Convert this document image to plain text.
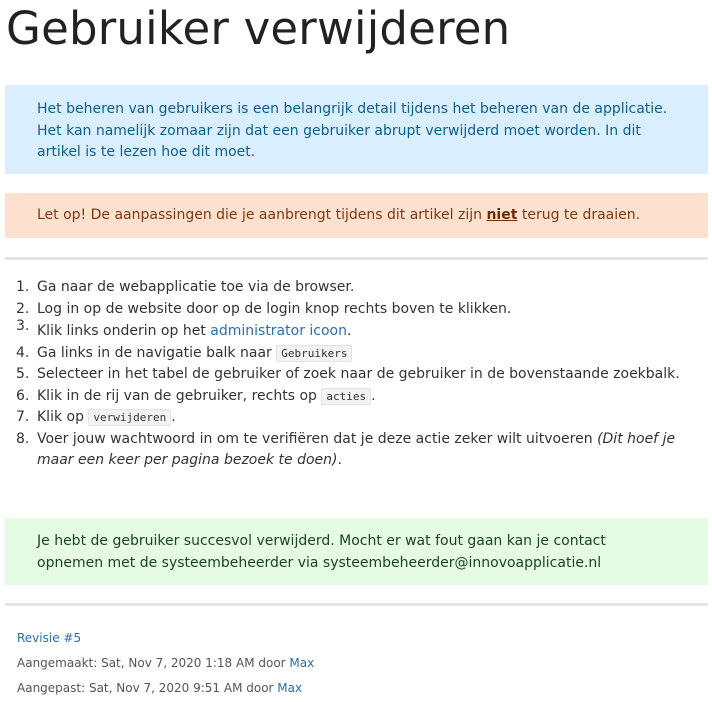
Gebruiker verwijderen
Het beheren van gebruikers is een belangrijk detail tijdens het beheren van de applicatie. Het kan namelijk zomaar zijn dat een gebruiker abrupt verwijderd moet worden. In dit artikel is te lezen hoe dit moet.
Let op! De aanpassingen die je aanbrengt tijdens dit artikel zijn niet terug te draaien.
1. Ga naar de webapplicatie toe via de browser.
2. Log in op de website door op de login knop rechts boven te klikken.
3. Klik links onderin op het administrator icoon.
4. Ga links in de navigatie balk naar Gebruikers
5. Selecteer in het tabel de gebruiker of zoek naar de gebruiker in de bovenstaande zoekbalk.
6. Klik in de rij van de gebruiker, rechts op acties .
7. Klik op verwijderen .
8. Voer jouw wachtwoord in om te verifiëren dat je deze actie zeker wilt uitvoeren (Dit hoef je maar een keer per pagina bezoek te doen).
Je hebt de gebruiker succesvol verwijderd. Mocht er wat fout gaan kan je contact opnemen met de systeembeheerder via systeembeheerder@innovoapplicatie.nl
Revisie #5
Aangemaakt: Sat, Nov 7, 2020 1:18 AM door Max
Aangepast: Sat, Nov 7, 2020 9:51 AM door Max
